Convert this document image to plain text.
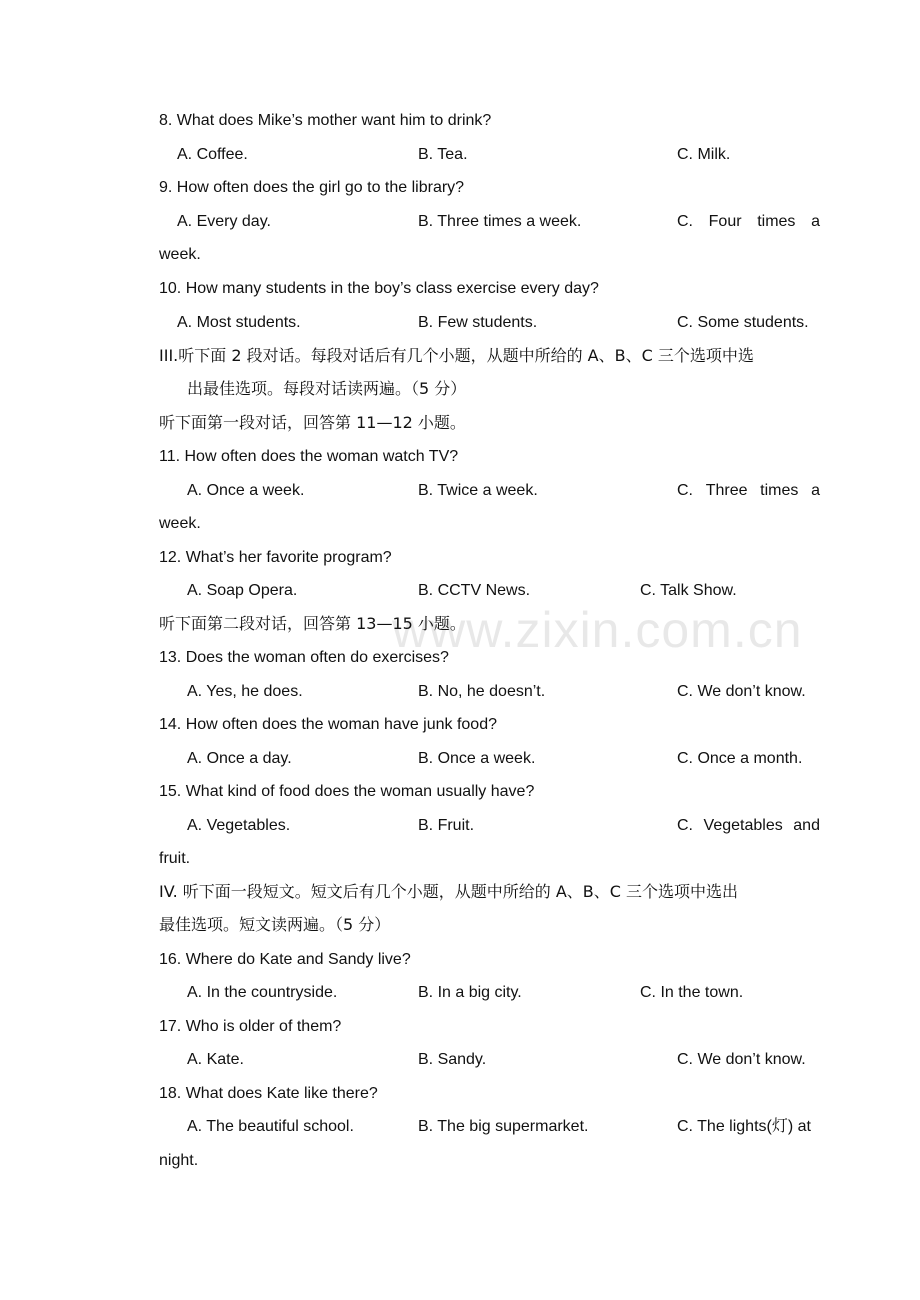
www.zixin.com.cn
8. What does Mike’s mother want him to drink?
A. Coffee.	B. Tea.	C. Milk.
9. How often does the girl go to the library?
A. Every day.	B. Three times a week.	C. Four times a
week.
10. How many students in the boy’s class exercise every day?
A. Most students.	B. Few students.	C. Some students.
III.听下面 2 段对话。每段对话后有几个小题，从题中所给的 A、B、C 三个选项中选
出最佳选项。每段对话读两遍。（5 分）
听下面第一段对话，回答第 11—12 小题。
11. How often does the woman watch TV?
A. Once a week.	B. Twice a week.	C. Three times a
week.
12. What’s her favorite program?
A. Soap Opera.	B. CCTV News.	C. Talk Show.
听下面第二段对话，回答第 13—15 小题。
13. Does the woman often do exercises?
A. Yes, he does.	B. No, he doesn’t.	C. We don’t know.
14. How often does the woman have junk food?
A. Once a day.	B. Once a week.	C. Once a month.
15. What kind of food does the woman usually have?
A. Vegetables.	B. Fruit.	C. Vegetables and
fruit.
IV. 听下面一段短文。短文后有几个小题，从题中所给的 A、B、C 三个选项中选出
最佳选项。短文读两遍。（5 分）
16. Where do Kate and Sandy live?
A. In the countryside.	B. In a big city.	C. In the town.
17. Who is older of them?
A. Kate.	B. Sandy.	C. We don’t know.
18. What does Kate like there?
A. The beautiful school.	B. The big supermarket.	C. The lights(灯) at
night.
